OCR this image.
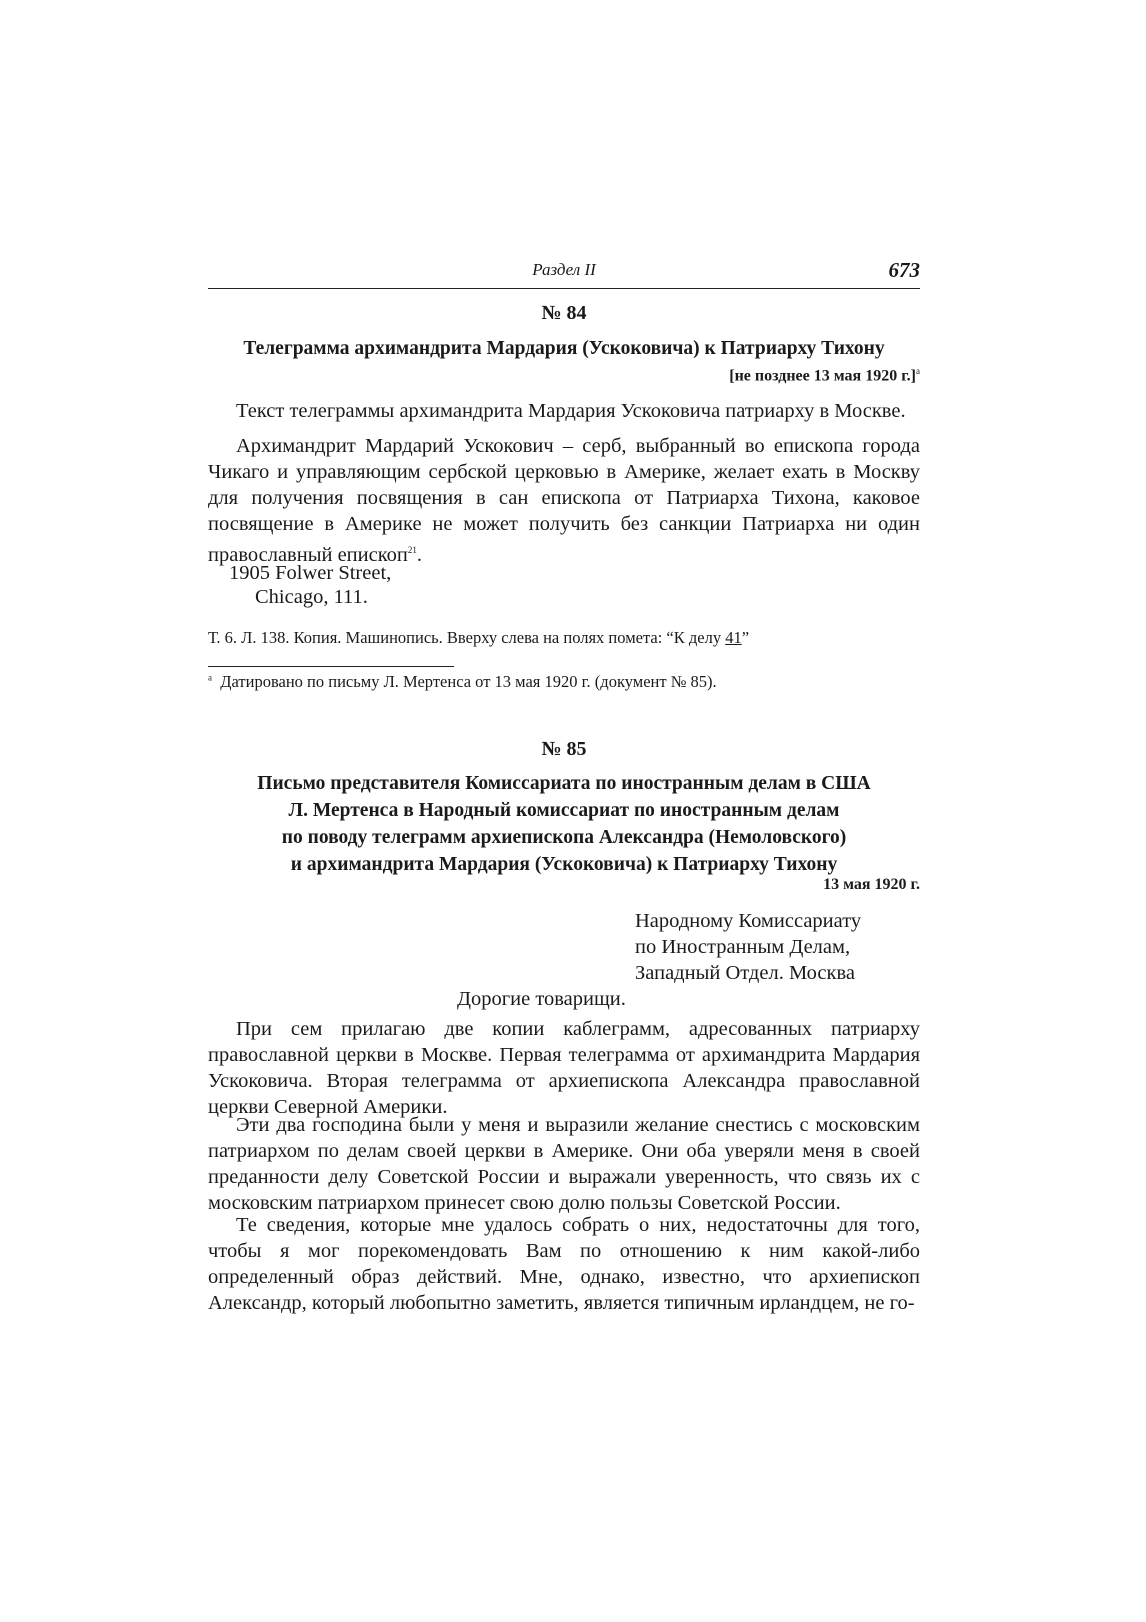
Раздел II	673
№ 84
Телеграмма архимандрита Мардария (Ускоковича) к Патриарху Тихону
[не позднее 13 мая 1920 г.]$^а$

Текст телеграммы архимандрита Мардария Ускоковича патриарху в Москве.

Архимандрит Мардарий Ускокович – серб, выбранный во епископа города Чикаго и управляющим сербской церковью в Америке, желает ехать в Москву для получения посвящения в сан епископа от Патриарха Тихона, каковое посвящение в Америке не может получить без санкции Патриарха ни один православный епископ$^{21}$.

1905 Folwer Street,
Chicago, 111.
Т. 6. Л. 138. Копия. Машинопись. Вверху слева на полях помета: “К делу 41”
$^а$ Датировано по письму Л. Мертенса от 13 мая 1920 г. (документ № 85).
№ 85
Письмо представителя Комиссариата по иностранным делам в США
Л. Мертенса в Народный комиссариат по иностранным делам
по поводу телеграмм архиепископа Александра (Немоловского)
и архимандрита Мардария (Ускоковича) к Патриарху Тихону
13 мая 1920 г.
Народному Комиссариату
по Иностранным Делам,
Западный Отдел. Москва
Дорогие товарищи.

При сем прилагаю две копии каблеграмм, адресованных патриарху православной церкви в Москве. Первая телеграмма от архимандрита Мардария Ускоковича. Вторая телеграмма от архиепископа Александра православной церкви Северной Америки.

Эти два господина были у меня и выразили желание снестись с московским патриархом по делам своей церкви в Америке. Они оба уверяли меня в своей преданности делу Советской России и выражали уверенность, что связь их с московским патриархом принесет свою долю пользы Советской России.

Те сведения, которые мне удалось собрать о них, недостаточны для того, чтобы я мог порекомендовать Вам по отношению к ним какой-либо определенный образ действий. Мне, однако, известно, что архиепископ Александр, который любопытно заметить, является типичным ирландцем, не го-
